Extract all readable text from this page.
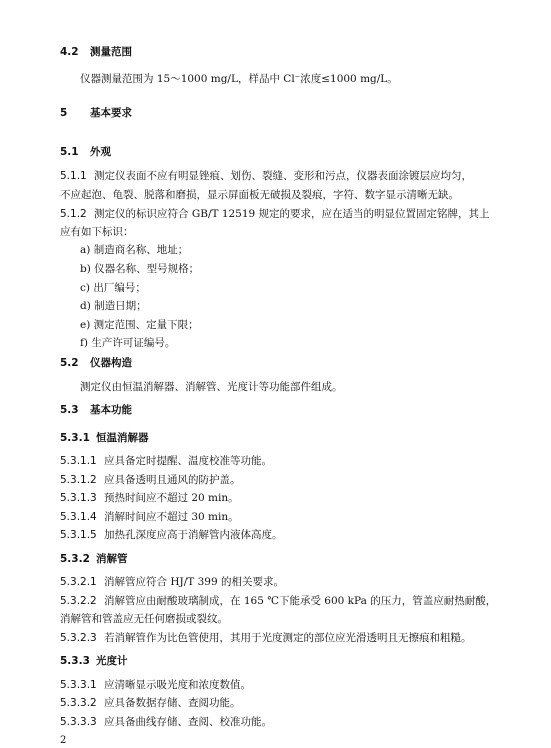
4.2 测量范围
仪器测量范围为 15～1000 mg/L，样品中 Cl⁻浓度≤1000 mg/L。
5 基本要求
5.1 外观
5.1.1 测定仪表面不应有明显锉痕、划伤、裂缝、变形和污点，仪器表面涂镀层应均匀，
不应起泡、龟裂、脱落和磨损，显示屏面板无破损及裂痕，字符、数字显示清晰无缺。
5.1.2 测定仪的标识应符合 GB/T 12519 规定的要求，应在适当的明显位置固定铭牌，其上
应有如下标识：
a) 制造商名称、地址；
b) 仪器名称、型号规格；
c) 出厂编号；
d) 制造日期；
e) 测定范围、定量下限；
f) 生产许可证编号。
5.2 仪器构造
测定仪由恒温消解器、消解管、光度计等功能部件组成。
5.3 基本功能
5.3.1 恒温消解器
5.3.1.1 应具备定时提醒、温度校准等功能。
5.3.1.2 应具备透明且通风的防护盖。
5.3.1.3 预热时间应不超过 20 min。
5.3.1.4 消解时间应不超过 30 min。
5.3.1.5 加热孔深度应高于消解管内液体高度。
5.3.2 消解管
5.3.2.1 消解管应符合 HJ/T 399 的相关要求。
5.3.2.2 消解管应由耐酸玻璃制成，在 165 ℃下能承受 600 kPa 的压力，管盖应耐热耐酸，
消解管和管盖应无任何磨损或裂纹。
5.3.2.3 若消解管作为比色管使用，其用于光度测定的部位应光滑透明且无擦痕和粗糙。
5.3.3 光度计
5.3.3.1 应清晰显示吸光度和浓度数值。
5.3.3.2 应具备数据存储、查阅功能。
5.3.3.3 应具备曲线存储、查阅、校准功能。
2
